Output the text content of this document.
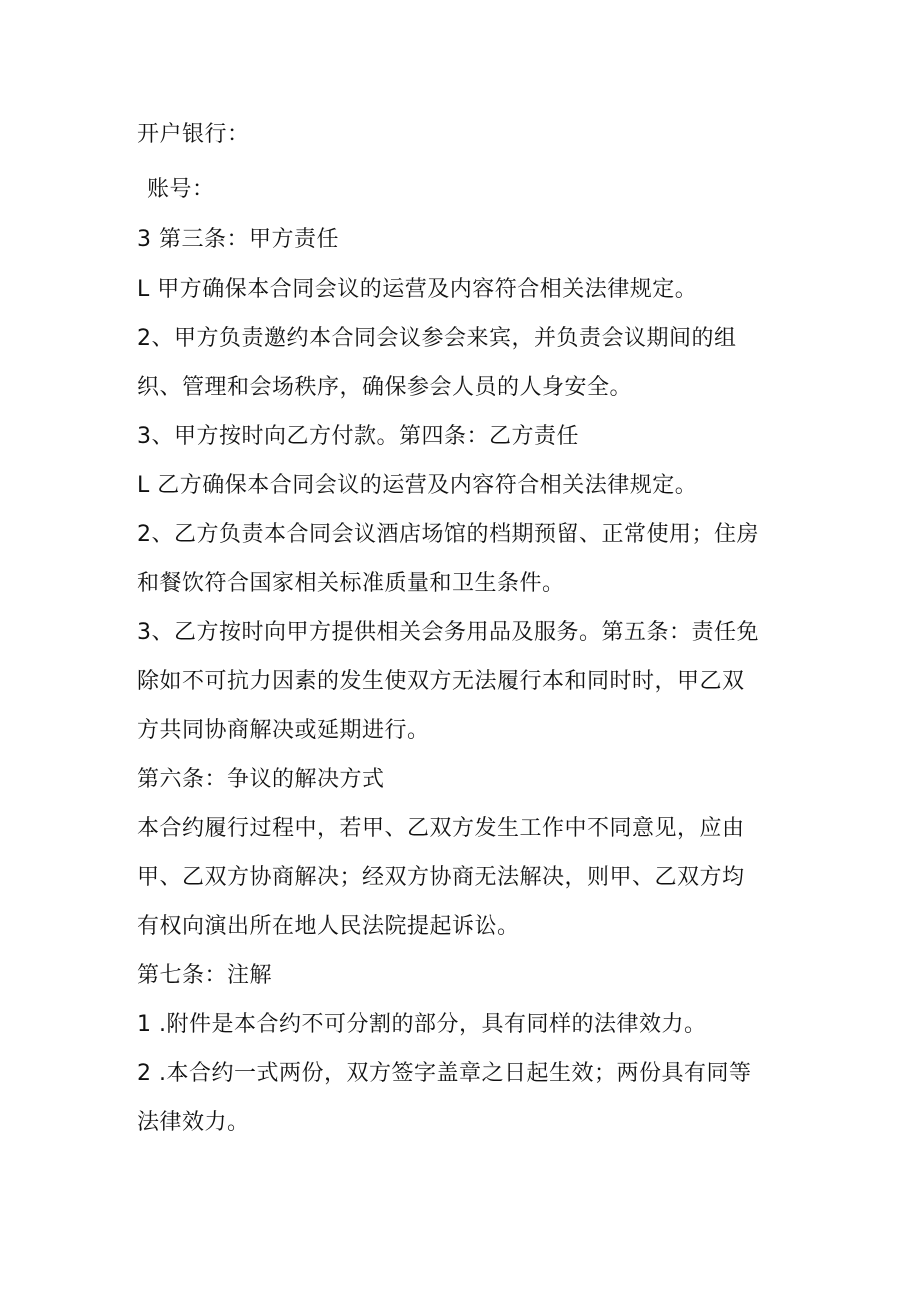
开户银行：
账号：
3 第三条：甲方责任
L 甲方确保本合同会议的运营及内容符合相关法律规定。
2、甲方负责邀约本合同会议参会来宾，并负责会议期间的组
织、管理和会场秩序，确保参会人员的人身安全。
3、甲方按时向乙方付款。第四条：乙方责任
L 乙方确保本合同会议的运营及内容符合相关法律规定。
2、乙方负责本合同会议酒店场馆的档期预留、正常使用；住房
和餐饮符合国家相关标准质量和卫生条件。
3、乙方按时向甲方提供相关会务用品及服务。第五条：责任免
除如不可抗力因素的发生使双方无法履行本和同时时，甲乙双
方共同协商解决或延期进行。
第六条：争议的解决方式
本合约履行过程中，若甲、乙双方发生工作中不同意见，应由
甲、乙双方协商解决；经双方协商无法解决，则甲、乙双方均
有权向演出所在地人民法院提起诉讼。
第七条：注解
1 .附件是本合约不可分割的部分，具有同样的法律效力。
2 .本合约一式两份，双方签字盖章之日起生效；两份具有同等
法律效力。
